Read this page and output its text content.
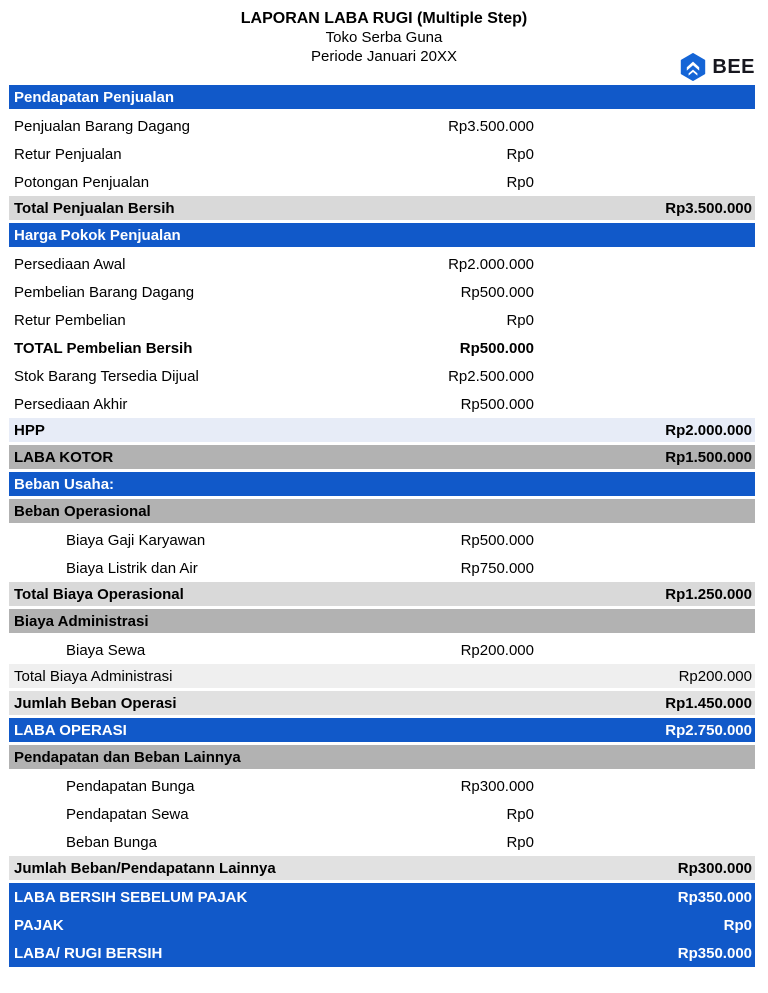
LAPORAN LABA RUGI (Multiple Step)
Toko Serba Guna
Periode Januari 20XX	BEE
Pendapatan Penjualan
Penjualan Barang Dagang	Rp3.500.000
Retur Penjualan	Rp0
Potongan Penjualan	Rp0
Total Penjualan Bersih	Rp3.500.000
Harga Pokok Penjualan
Persediaan Awal	Rp2.000.000
Pembelian Barang Dagang	Rp500.000
Retur Pembelian	Rp0
TOTAL Pembelian Bersih	Rp500.000
Stok Barang Tersedia Dijual	Rp2.500.000
Persediaan Akhir	Rp500.000
HPP	Rp2.000.000
LABA KOTOR	Rp1.500.000
Beban Usaha:
Beban Operasional
Biaya Gaji Karyawan	Rp500.000
Biaya Listrik dan Air	Rp750.000
Total Biaya Operasional	Rp1.250.000
Biaya Administrasi
Biaya Sewa	Rp200.000
Total Biaya Administrasi	Rp200.000
Jumlah Beban Operasi	Rp1.450.000
LABA OPERASI	Rp2.750.000
Pendapatan dan Beban Lainnya
Pendapatan Bunga	Rp300.000
Pendapatan Sewa	Rp0
Beban Bunga	Rp0
Jumlah Beban/Pendapatann Lainnya	Rp300.000
LABA BERSIH SEBELUM PAJAK	Rp350.000
PAJAK	Rp0
LABA/ RUGI BERSIH	Rp350.000
